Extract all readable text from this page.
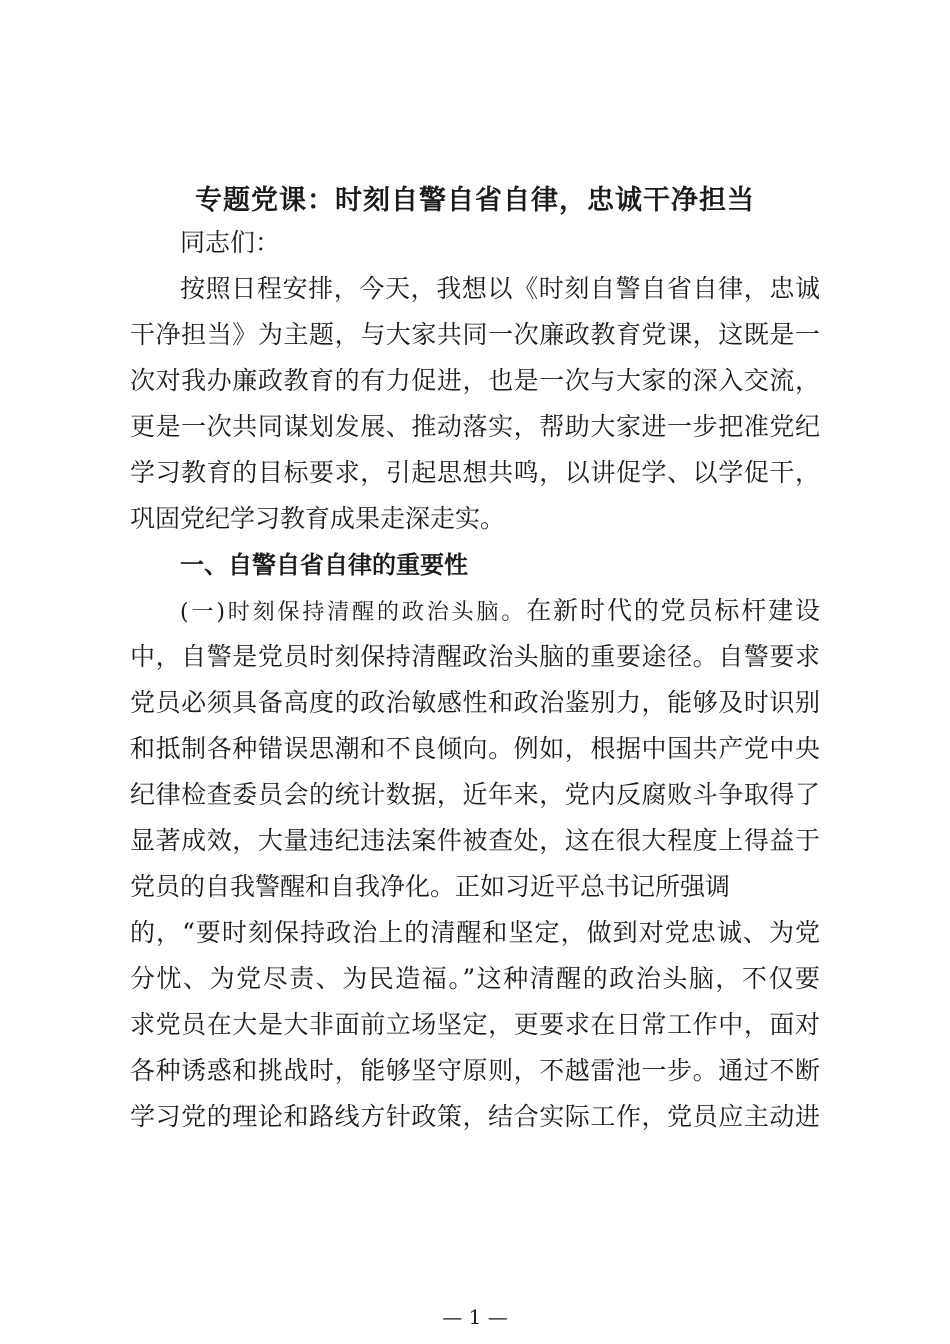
专题党课：时刻自警自省自律，忠诚干净担当
同志们：
按照日程安排，今天，我想以《时刻自警自省自律，忠诚
干净担当》为主题，与大家共同一次廉政教育党课，这既是一
次对我办廉政教育的有力促进，也是一次与大家的深入交流，
更是一次共同谋划发展、推动落实，帮助大家进一步把准党纪
学习教育的目标要求，引起思想共鸣，以讲促学、以学促干，
巩固党纪学习教育成果走深走实。
一、自警自省自律的重要性
(一)时刻保持清醒的政治头脑。在新时代的党员标杆建设
中，自警是党员时刻保持清醒政治头脑的重要途径。自警要求
党员必须具备高度的政治敏感性和政治鉴别力，能够及时识别
和抵制各种错误思潮和不良倾向。例如，根据中国共产党中央
纪律检查委员会的统计数据，近年来，党内反腐败斗争取得了
显著成效，大量违纪违法案件被查处，这在很大程度上得益于
党员的自我警醒和自我净化。正如习近平总书记所强调
的，“要时刻保持政治上的清醒和坚定，做到对党忠诚、为党
分忧、为党尽责、为民造福。”这种清醒的政治头脑，不仅要
求党员在大是大非面前立场坚定，更要求在日常工作中，面对
各种诱惑和挑战时，能够坚守原则，不越雷池一步。通过不断
学习党的理论和路线方针政策，结合实际工作，党员应主动进
— 1 —
